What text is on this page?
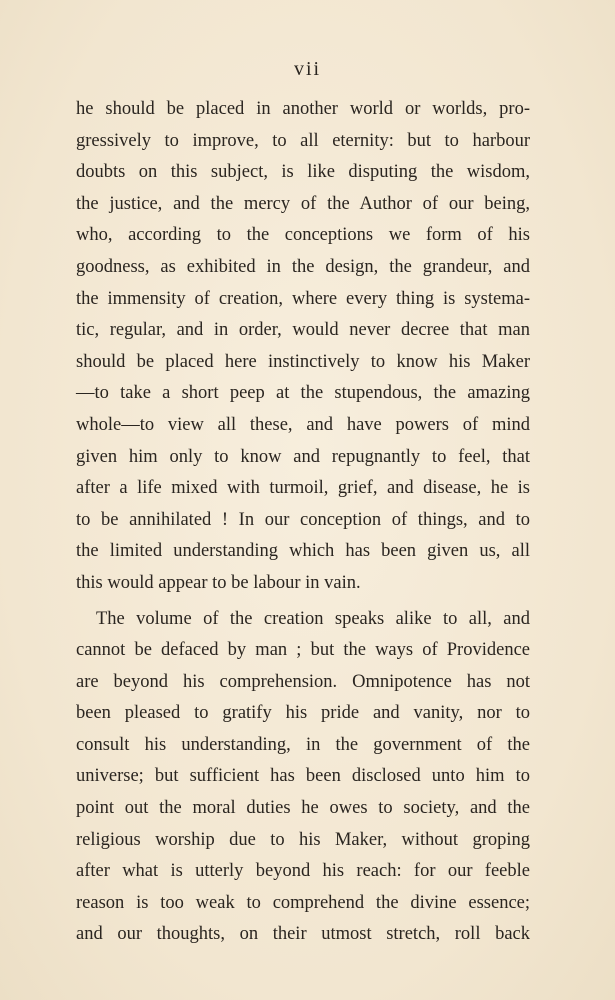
vii
he should be placed in another world or worlds, pro-
gressively to improve, to all eternity: but to harbour
doubts on this subject, is like disputing the wisdom,
the justice, and the mercy of the Author of our being,
who, according to the conceptions we form of his
goodness, as exhibited in the design, the grandeur, and
the immensity of creation, where every thing is systema-
tic, regular, and in order, would never decree that man
should be placed here instinctively to know his Maker
—to take a short peep at the stupendous, the amazing
whole—to view all these, and have powers of mind
given him only to know and repugnantly to feel, that
after a life mixed with turmoil, grief, and disease, he is
to be annihilated ! In our conception of things, and to
the limited understanding which has been given us, all
this would appear to be labour in vain.
The volume of the creation speaks alike to all, and
cannot be defaced by man ; but the ways of Providence
are beyond his comprehension. Omnipotence has not
been pleased to gratify his pride and vanity, nor to
consult his understanding, in the government of the
universe; but sufficient has been disclosed unto him to
point out the moral duties he owes to society, and the
religious worship due to his Maker, without groping
after what is utterly beyond his reach: for our feeble
reason is too weak to comprehend the divine essence;
and our thoughts, on their utmost stretch, roll back
